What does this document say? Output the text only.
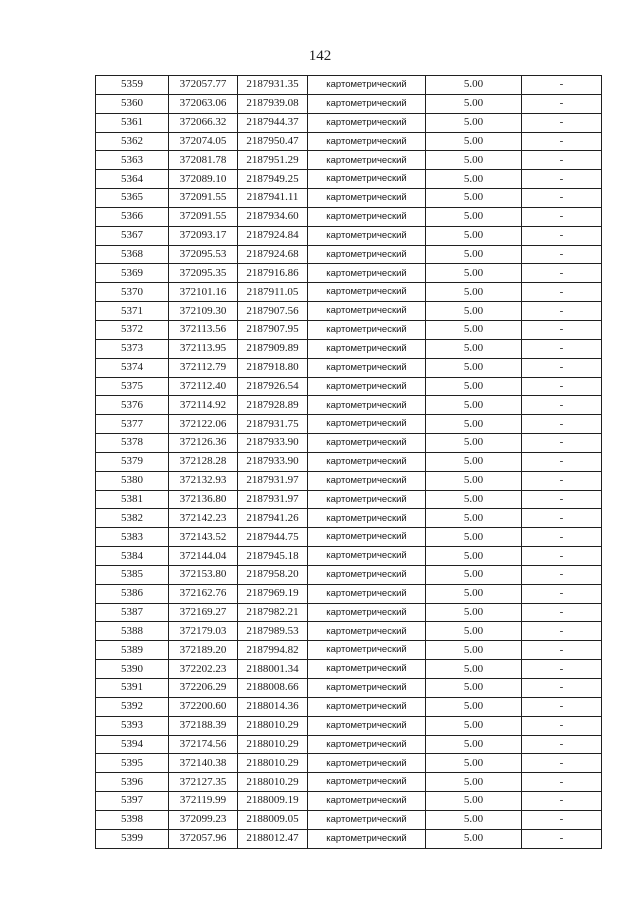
142
5359	372057.77	2187931.35	картометрический	5.00	-
5360	372063.06	2187939.08	картометрический	5.00	-
5361	372066.32	2187944.37	картометрический	5.00	-
5362	372074.05	2187950.47	картометрический	5.00	-
5363	372081.78	2187951.29	картометрический	5.00	-
5364	372089.10	2187949.25	картометрический	5.00	-
5365	372091.55	2187941.11	картометрический	5.00	-
5366	372091.55	2187934.60	картометрический	5.00	-
5367	372093.17	2187924.84	картометрический	5.00	-
5368	372095.53	2187924.68	картометрический	5.00	-
5369	372095.35	2187916.86	картометрический	5.00	-
5370	372101.16	2187911.05	картометрический	5.00	-
5371	372109.30	2187907.56	картометрический	5.00	-
5372	372113.56	2187907.95	картометрический	5.00	-
5373	372113.95	2187909.89	картометрический	5.00	-
5374	372112.79	2187918.80	картометрический	5.00	-
5375	372112.40	2187926.54	картометрический	5.00	-
5376	372114.92	2187928.89	картометрический	5.00	-
5377	372122.06	2187931.75	картометрический	5.00	-
5378	372126.36	2187933.90	картометрический	5.00	-
5379	372128.28	2187933.90	картометрический	5.00	-
5380	372132.93	2187931.97	картометрический	5.00	-
5381	372136.80	2187931.97	картометрический	5.00	-
5382	372142.23	2187941.26	картометрический	5.00	-
5383	372143.52	2187944.75	картометрический	5.00	-
5384	372144.04	2187945.18	картометрический	5.00	-
5385	372153.80	2187958.20	картометрический	5.00	-
5386	372162.76	2187969.19	картометрический	5.00	-
5387	372169.27	2187982.21	картометрический	5.00	-
5388	372179.03	2187989.53	картометрический	5.00	-
5389	372189.20	2187994.82	картометрический	5.00	-
5390	372202.23	2188001.34	картометрический	5.00	-
5391	372206.29	2188008.66	картометрический	5.00	-
5392	372200.60	2188014.36	картометрический	5.00	-
5393	372188.39	2188010.29	картометрический	5.00	-
5394	372174.56	2188010.29	картометрический	5.00	-
5395	372140.38	2188010.29	картометрический	5.00	-
5396	372127.35	2188010.29	картометрический	5.00	-
5397	372119.99	2188009.19	картометрический	5.00	-
5398	372099.23	2188009.05	картометрический	5.00	-
5399	372057.96	2188012.47	картометрический	5.00	-
